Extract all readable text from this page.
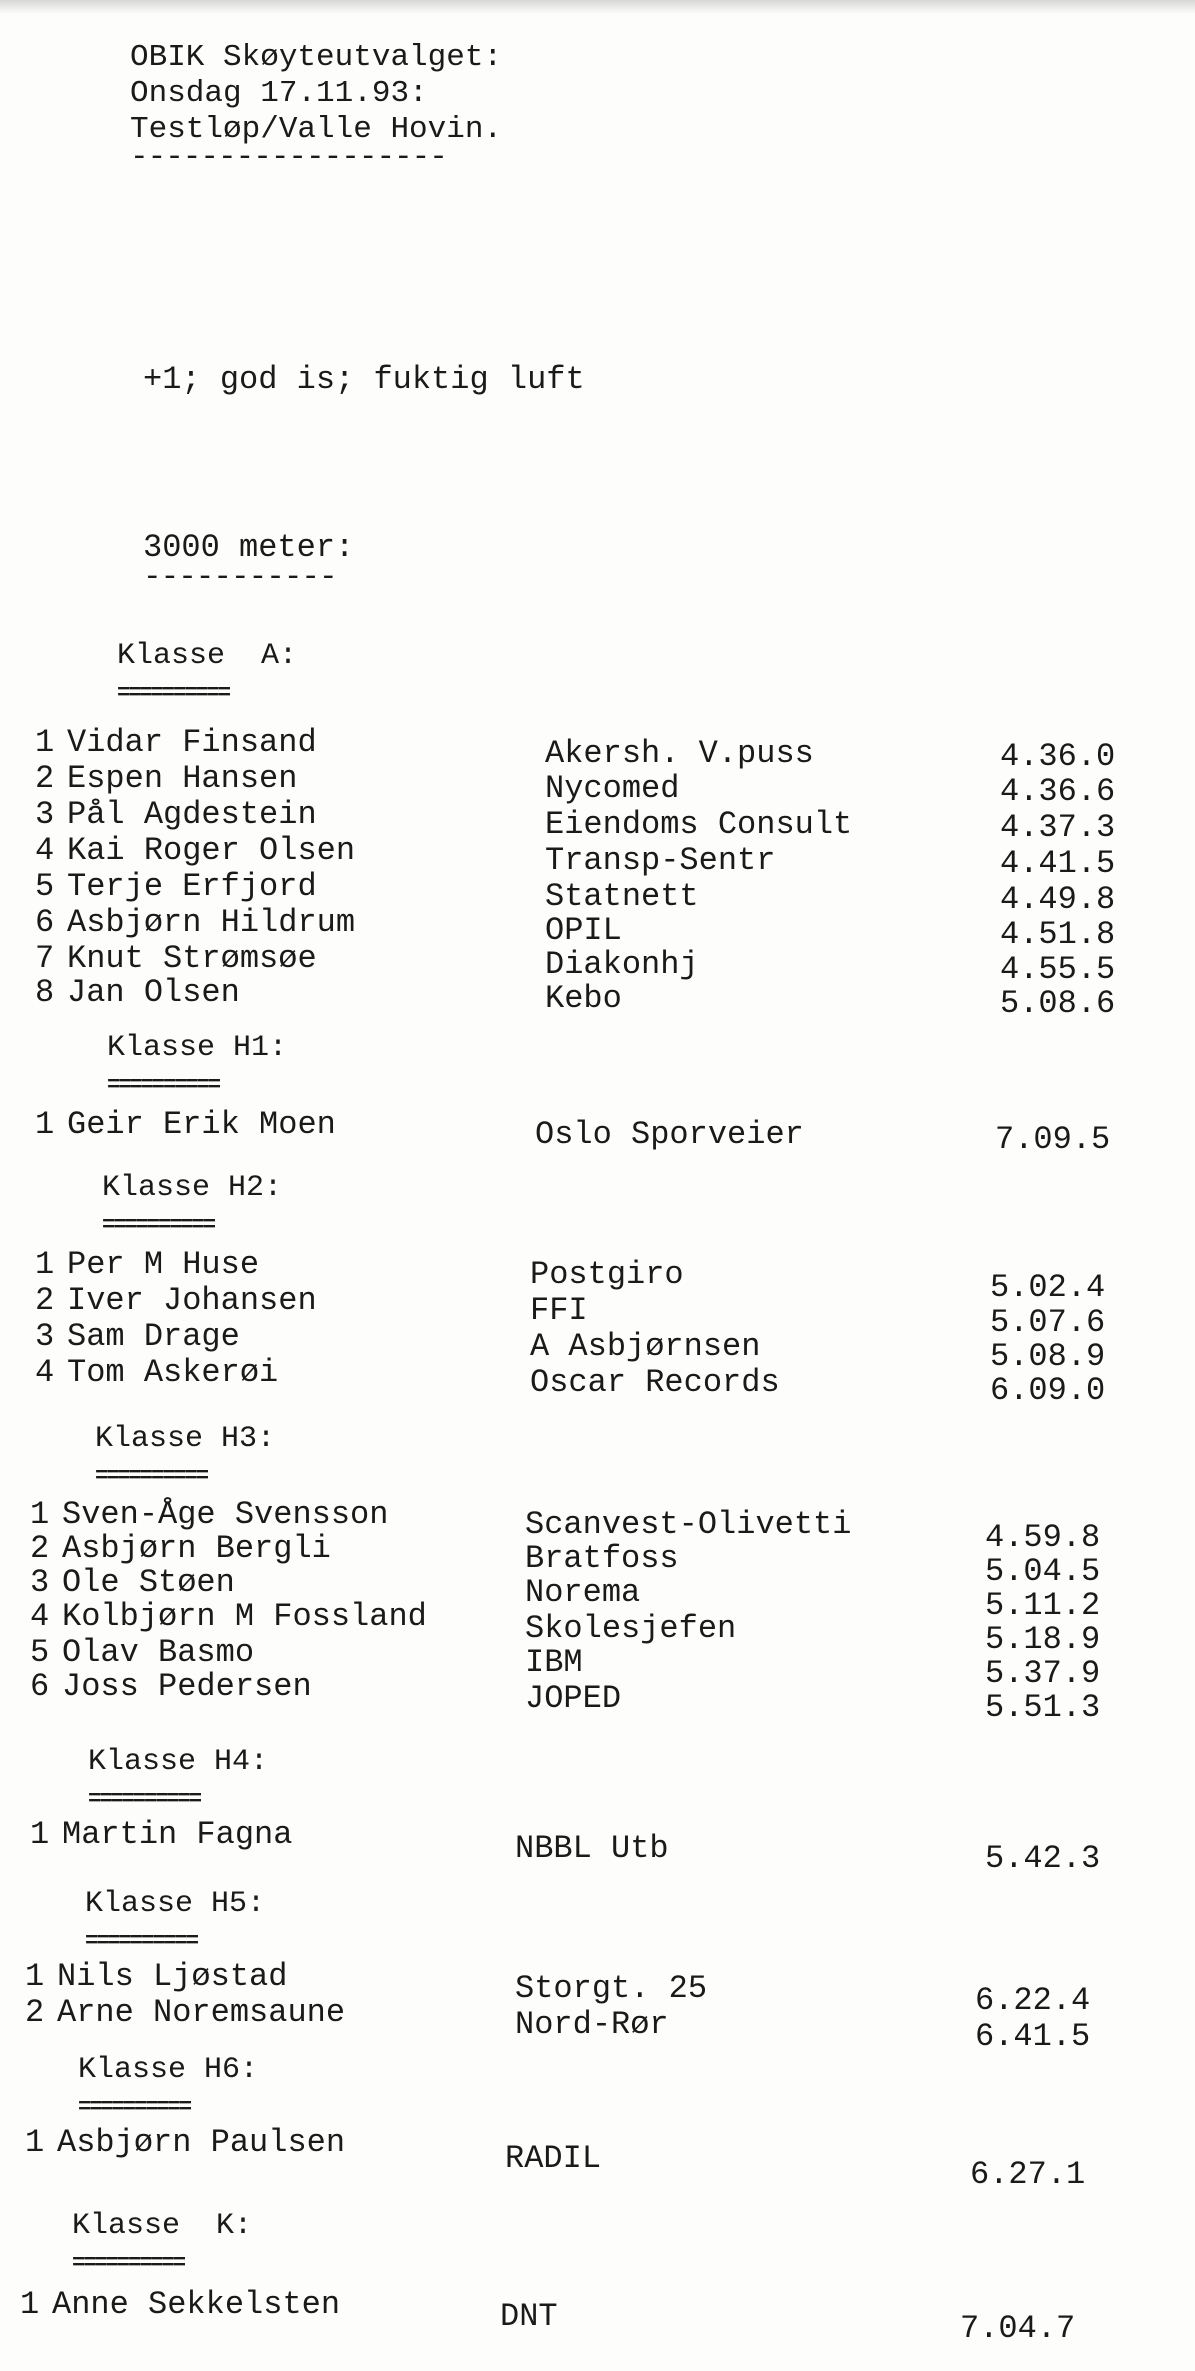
OBIK Skøyteutvalget:
Onsdag 17.11.93:
Testløp/Valle Hovin.
------------------
+1; god is; fuktig luft
3000 meter:
-----------
Klasse  A:
==========
1 Vidar Finsand	Akersh. V.puss	4.36.0
2 Espen Hansen	Nycomed	4.36.6
3 Pål Agdestein	Eiendoms Consult	4.37.3
4 Kai Roger Olsen	Transp-Sentr	4.41.5
5 Terje Erfjord	Statnett	4.49.8
6 Asbjørn Hildrum	OPIL	4.51.8
7 Knut Strømsøe	Diakonhj	4.55.5
8 Jan Olsen	Kebo	5.08.6
Klasse H1:
==========
1 Geir Erik Moen	Oslo Sporveier	7.09.5
Klasse H2:
==========
1 Per M Huse	Postgiro	5.02.4
2 Iver Johansen	FFI	5.07.6
3 Sam Drage	A Asbjørnsen	5.08.9
4 Tom Askerøi	Oscar Records	6.09.0
Klasse H3:
==========
1 Sven-Åge Svensson	Scanvest-Olivetti	4.59.8
2 Asbjørn Bergli	Bratfoss	5.04.5
3 Ole Støen	Norema	5.11.2
4 Kolbjørn M Fossland	Skolesjefen	5.18.9
5 Olav Basmo	IBM	5.37.9
6 Joss Pedersen	JOPED	5.51.3
Klasse H4:
==========
1 Martin Fagna	NBBL Utb	5.42.3
Klasse H5:
==========
1 Nils Ljøstad	Storgt. 25	6.22.4
2 Arne Noremsaune	Nord-Rør	6.41.5
Klasse H6:
==========
1 Asbjørn Paulsen	RADIL	6.27.1
Klasse  K:
==========
1 Anne Sekkelsten	DNT	7.04.7
